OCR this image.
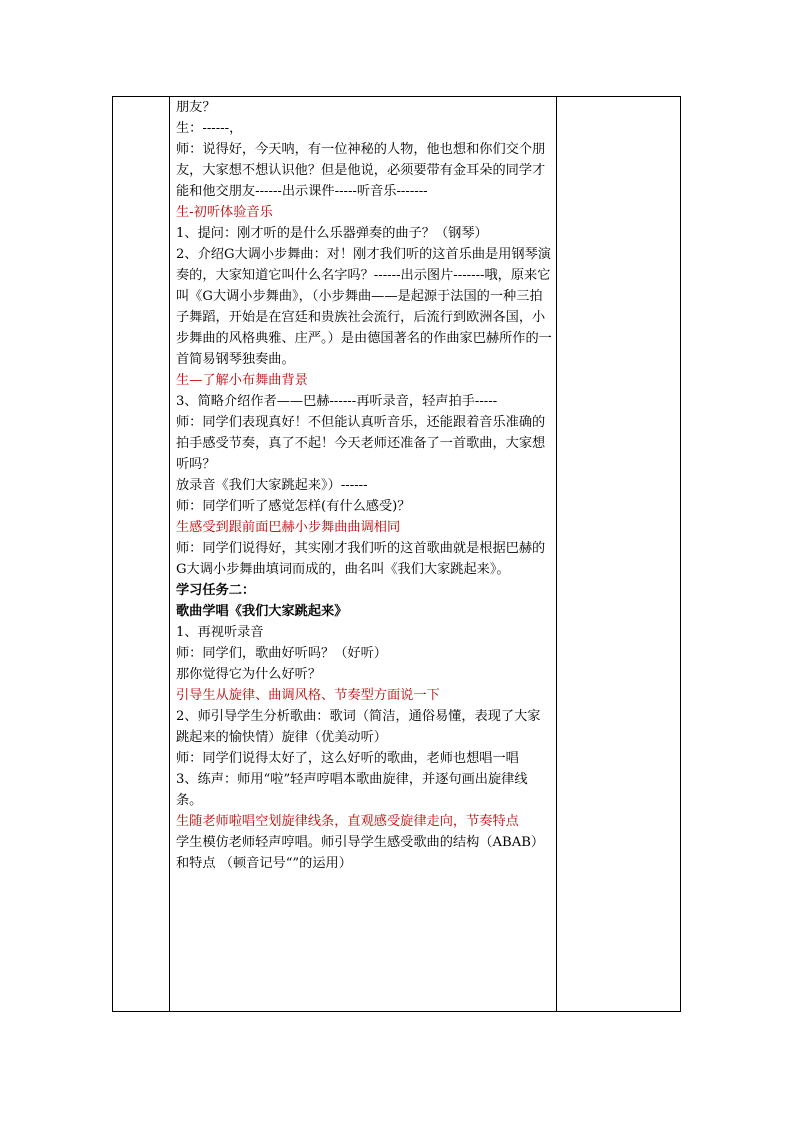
朋友？

生：------，

师：说得好，今天呐，有一位神秘的人物，他也想和你们交个朋友，大家想不想认识他？但是他说，必须要带有金耳朵的同学才能和他交朋友------出示课件-----听音乐-------

生-初听体验音乐

1、提问：刚才听的是什么乐器弹奏的曲子？（钢琴）

2、介绍G大调小步舞曲：对！刚才我们听的这首乐曲是用钢琴演奏的，大家知道它叫什么名字吗？------出示图片-------哦，原来它叫《G大调小步舞曲》，（小步舞曲——是起源于法国的一种三拍子舞蹈，开始是在宫廷和贵族社会流行，后流行到欧洲各国，小步舞曲的风格典雅、庄严。）是由德国著名的作曲家巴赫所作的一首简易钢琴独奏曲。

生—了解小布舞曲背景

3、简略介绍作者——巴赫------再听录音，轻声拍手-----

师：同学们表现真好！不但能认真听音乐，还能跟着音乐准确的拍手感受节奏，真了不起！今天老师还准备了一首歌曲，大家想听吗？

放录音《我们大家跳起来》）------

师：同学们听了感觉怎样(有什么感受)？

生感受到跟前面巴赫小步舞曲曲调相同

师：同学们说得好，其实刚才我们听的这首歌曲就是根据巴赫的G大调小步舞曲填词而成的，曲名叫《我们大家跳起来》。

学习任务二：

歌曲学唱《我们大家跳起来》

1、再视听录音

师：同学们，歌曲好听吗？（好听）

那你觉得它为什么好听？

引导生从旋律、曲调风格、节奏型方面说一下

2、师引导学生分析歌曲：歌词（简洁，通俗易懂，表现了大家跳起来的愉快情）旋律（优美动听）

师：同学们说得太好了，这么好听的歌曲，老师也想唱一唱

3、练声：师用“啦”轻声哼唱本歌曲旋律，并逐句画出旋律线条。

生随老师啦唱空划旋律线条，直观感受旋律走向，节奏特点

学生模仿老师轻声哼唱。师引导学生感受歌曲的结构（ABAB）和特点 （顿音记号“”的运用）
